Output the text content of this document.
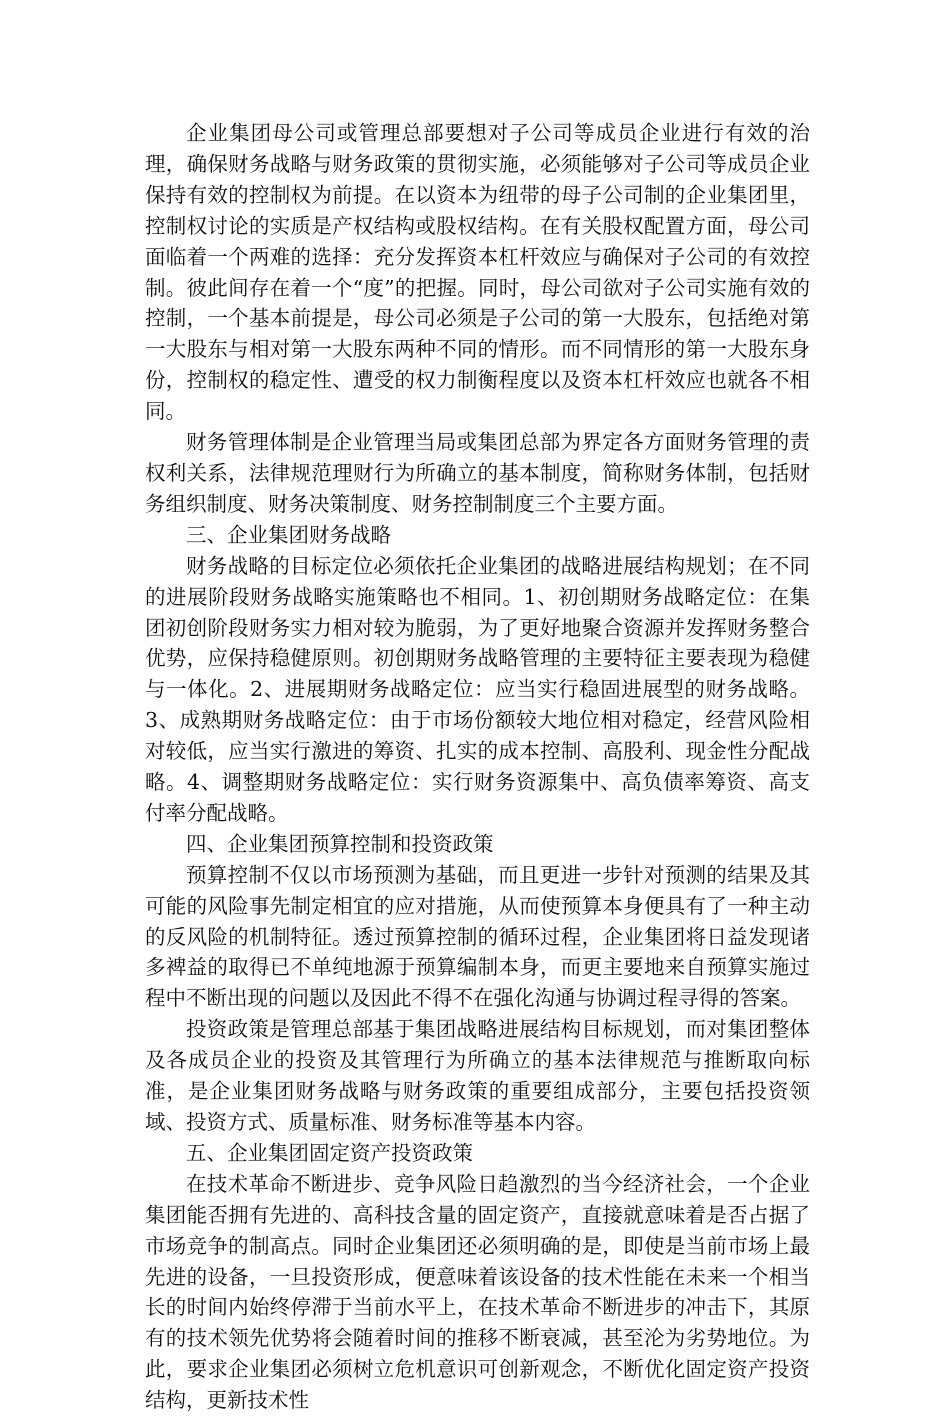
企业集团母公司或管理总部要想对子公司等成员企业进行有效的治理，确保财务战略与财务政策的贯彻实施，必须能够对子公司等成员企业保持有效的控制权为前提。在以资本为纽带的母子公司制的企业集团里，控制权讨论的实质是产权结构或股权结构。在有关股权配置方面，母公司面临着一个两难的选择：充分发挥资本杠杆效应与确保对子公司的有效控制。彼此间存在着一个“度”的把握。同时，母公司欲对子公司实施有效的控制，一个基本前提是，母公司必须是子公司的第一大股东，包括绝对第一大股东与相对第一大股东两种不同的情形。而不同情形的第一大股东身份，控制权的稳定性、遭受的权力制衡程度以及资本杠杆效应也就各不相同。

财务管理体制是企业管理当局或集团总部为界定各方面财务管理的责权利关系，法律规范理财行为所确立的基本制度，简称财务体制，包括财务组织制度、财务决策制度、财务控制制度三个主要方面。

三、企业集团财务战略

财务战略的目标定位必须依托企业集团的战略进展结构规划；在不同的进展阶段财务战略实施策略也不相同。1、初创期财务战略定位：在集团初创阶段财务实力相对较为脆弱，为了更好地聚合资源并发挥财务整合优势，应保持稳健原则。初创期财务战略管理的主要特征主要表现为稳健与一体化。2、进展期财务战略定位：应当实行稳固进展型的财务战略。3、成熟期财务战略定位：由于市场份额较大地位相对稳定，经营风险相对较低，应当实行激进的筹资、扎实的成本控制、高股利、现金性分配战略。4、调整期财务战略定位：实行财务资源集中、高负债率筹资、高支付率分配战略。

四、企业集团预算控制和投资政策

预算控制不仅以市场预测为基础，而且更进一步针对预测的结果及其可能的风险事先制定相宜的应对措施，从而使预算本身便具有了一种主动的反风险的机制特征。透过预算控制的循环过程，企业集团将日益发现诸多裨益的取得已不单纯地源于预算编制本身，而更主要地来自预算实施过程中不断出现的问题以及因此不得不在强化沟通与协调过程寻得的答案。

投资政策是管理总部基于集团战略进展结构目标规划，而对集团整体及各成员企业的投资及其管理行为所确立的基本法律规范与推断取向标准，是企业集团财务战略与财务政策的重要组成部分，主要包括投资领域、投资方式、质量标准、财务标准等基本内容。

五、企业集团固定资产投资政策

在技术革命不断进步、竞争风险日趋激烈的当今经济社会，一个企业集团能否拥有先进的、高科技含量的固定资产，直接就意味着是否占据了市场竞争的制高点。同时企业集团还必须明确的是，即使是当前市场上最先进的设备，一旦投资形成，便意味着该设备的技术性能在未来一个相当长的时间内始终停滞于当前水平上，在技术革命不断进步的冲击下，其原有的技术领先优势将会随着时间的推移不断衰减，甚至沦为劣势地位。为此，要求企业集团必须树立危机意识可创新观念，不断优化固定资产投资结构，更新技术性
